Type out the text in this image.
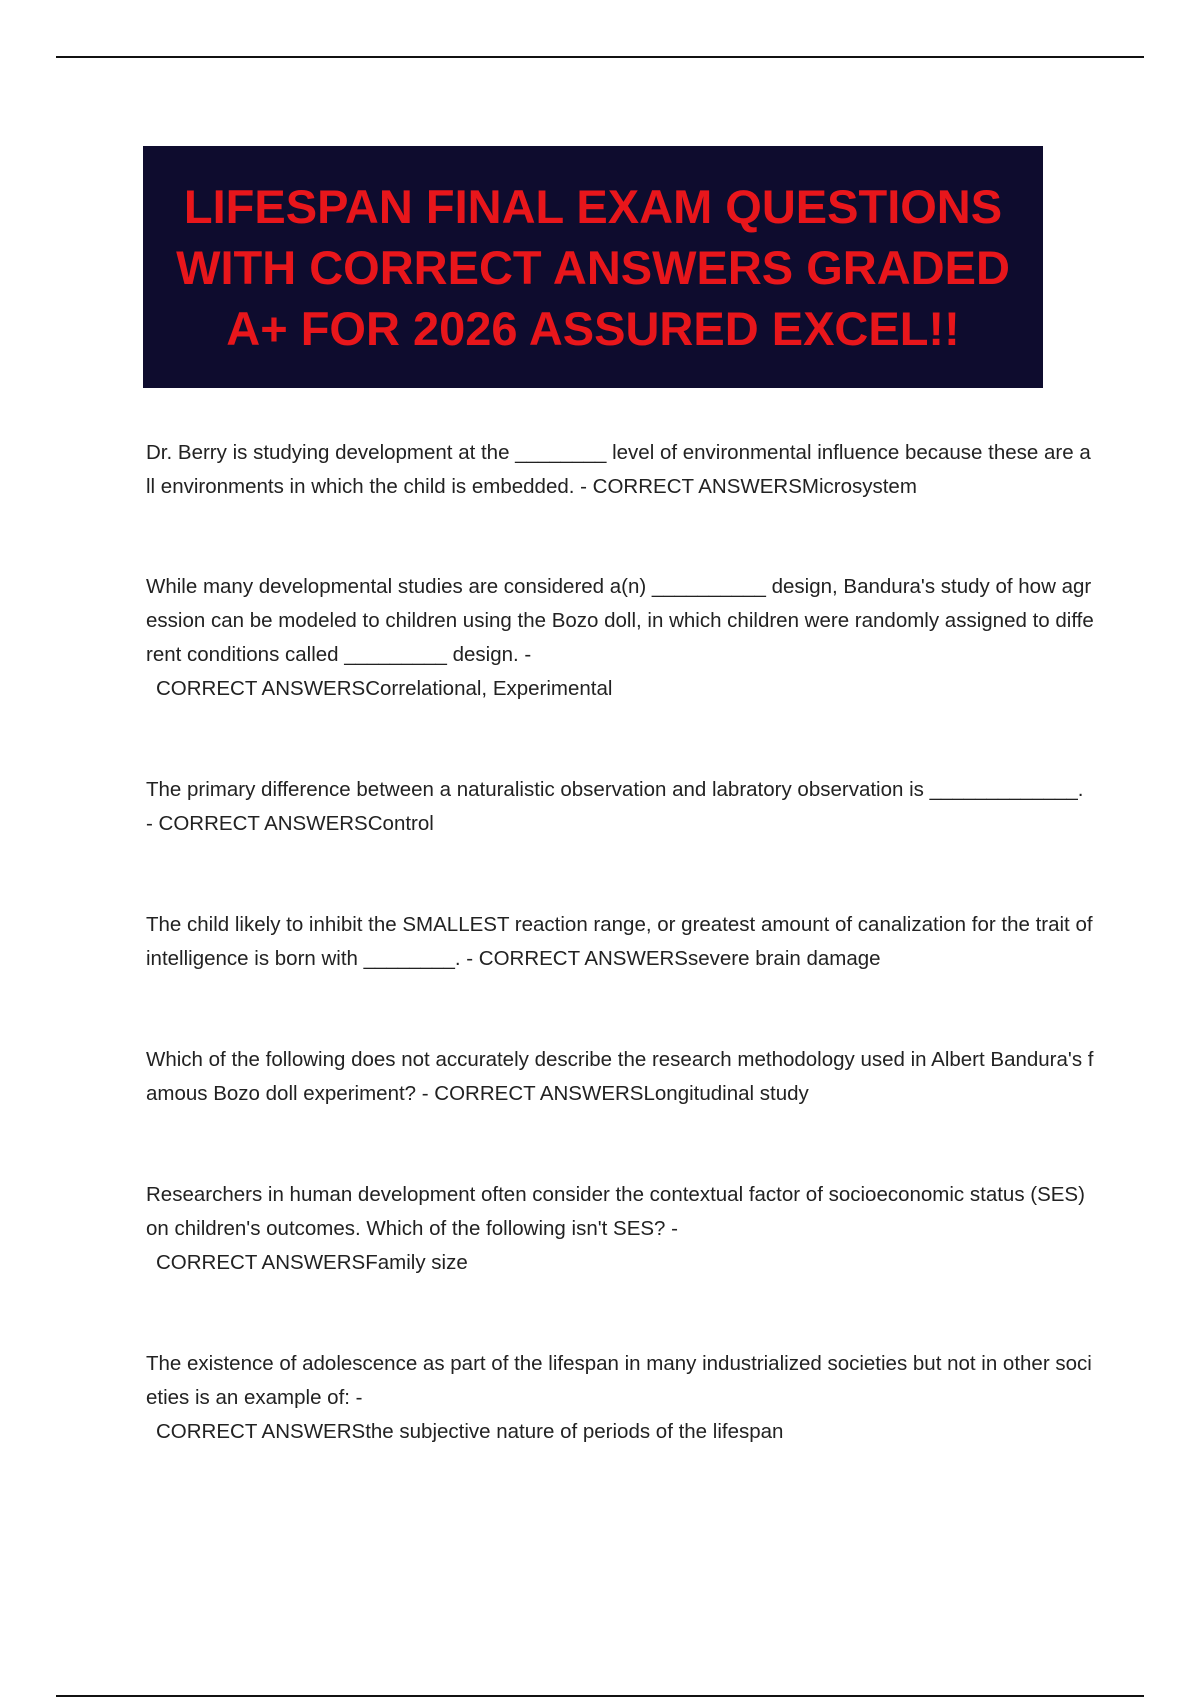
LIFESPAN FINAL EXAM QUESTIONS WITH CORRECT ANSWERS GRADED A+ FOR 2026 ASSURED EXCEL!!

Dr. Berry is studying development at the ________ level of environmental influence because these are all environments in which the child is embedded. - CORRECT ANSWERSMicrosystem

While many developmental studies are considered a(n) __________ design, Bandura's study of how agression can be modeled to children using the Bozo doll, in which children were randomly assigned to different conditions called _________ design. -
CORRECT ANSWERSCorrelational, Experimental

The primary difference between a naturalistic observation and labratory observation is _____________. - CORRECT ANSWERSControl

The child likely to inhibit the SMALLEST reaction range, or greatest amount of canalization for the trait of intelligence is born with ________. - CORRECT ANSWERSsevere brain damage

Which of the following does not accurately describe the research methodology used in Albert Bandura's famous Bozo doll experiment? - CORRECT ANSWERSLongitudinal study

Researchers in human development often consider the contextual factor of socioeconomic status (SES) on children's outcomes. Which of the following isn't SES? -
CORRECT ANSWERSFamily size

The existence of adolescence as part of the lifespan in many industrialized societies but not in other societies is an example of: -
CORRECT ANSWERSthe subjective nature of periods of the lifespan
